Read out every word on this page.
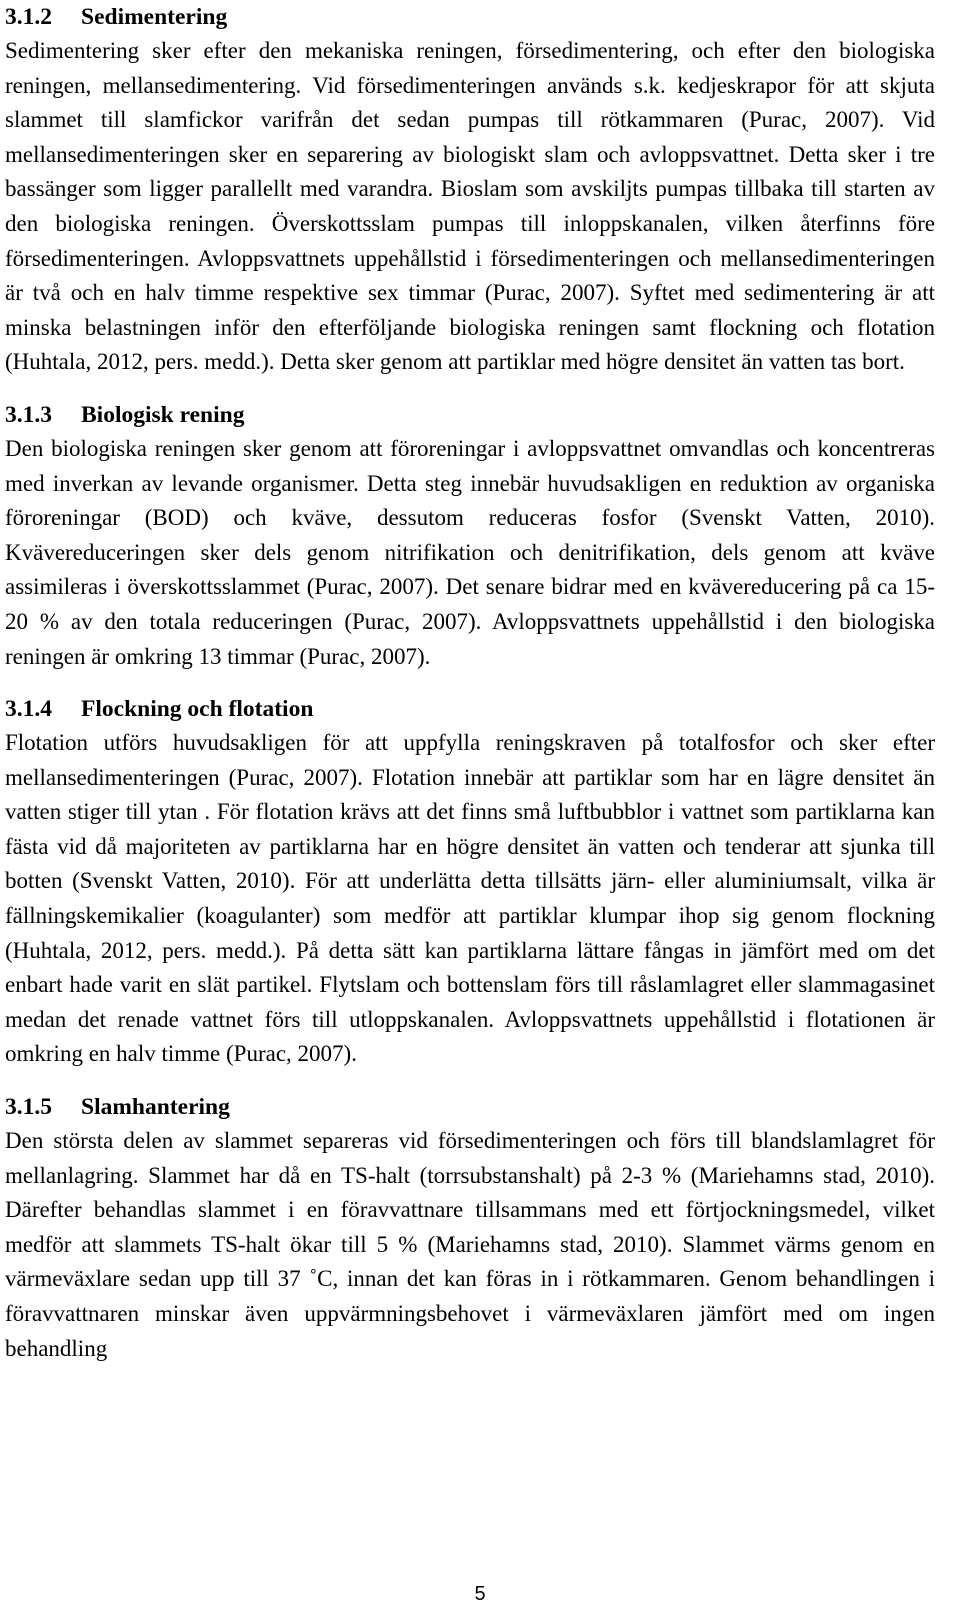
3.1.2 Sedimentering

Sedimentering sker efter den mekaniska reningen, försedimentering, och efter den biologiska reningen, mellansedimentering. Vid försedimenteringen används s.k. kedjeskrapor för att skjuta slammet till slamfickor varifrån det sedan pumpas till rötkammaren (Purac, 2007). Vid mellansedimenteringen sker en separering av biologiskt slam och avloppsvattnet. Detta sker i tre bassänger som ligger parallellt med varandra. Bioslam som avskiljts pumpas tillbaka till starten av den biologiska reningen. Överskottsslam pumpas till inloppskanalen, vilken återfinns före försedimenteringen. Avloppsvattnets uppehållstid i försedimenteringen och mellansedimenteringen är två och en halv timme respektive sex timmar (Purac, 2007). Syftet med sedimentering är att minska belastningen inför den efterföljande biologiska reningen samt flockning och flotation (Huhtala, 2012, pers. medd.). Detta sker genom att partiklar med högre densitet än vatten tas bort.

3.1.3 Biologisk rening

Den biologiska reningen sker genom att föroreningar i avloppsvattnet omvandlas och koncentreras med inverkan av levande organismer. Detta steg innebär huvudsakligen en reduktion av organiska föroreningar (BOD) och kväve, dessutom reduceras fosfor (Svenskt Vatten, 2010). Kvävereduceringen sker dels genom nitrifikation och denitrifikation, dels genom att kväve assimileras i överskottsslammet (Purac, 2007). Det senare bidrar med en kvävereducering på ca 15-20 % av den totala reduceringen (Purac, 2007). Avloppsvattnets uppehållstid i den biologiska reningen är omkring 13 timmar (Purac, 2007).

3.1.4 Flockning och flotation

Flotation utförs huvudsakligen för att uppfylla reningskraven på totalfosfor och sker efter mellansedimenteringen (Purac, 2007). Flotation innebär att partiklar som har en lägre densitet än vatten stiger till ytan . För flotation krävs att det finns små luftbubblor i vattnet som partiklarna kan fästa vid då majoriteten av partiklarna har en högre densitet än vatten och tenderar att sjunka till botten (Svenskt Vatten, 2010). För att underlätta detta tillsätts järn- eller aluminiumsalt, vilka är fällningskemikalier (koagulanter) som medför att partiklar klumpar ihop sig genom flockning (Huhtala, 2012, pers. medd.). På detta sätt kan partiklarna lättare fångas in jämfört med om det enbart hade varit en slät partikel. Flytslam och bottenslam förs till råslamlagret eller slammagasinet medan det renade vattnet förs till utloppskanalen. Avloppsvattnets uppehållstid i flotationen är omkring en halv timme (Purac, 2007).

3.1.5 Slamhantering

Den största delen av slammet separeras vid försedimenteringen och förs till blandslamlagret för mellanlagring. Slammet har då en TS-halt (torrsubstanshalt) på 2-3 % (Mariehamns stad, 2010). Därefter behandlas slammet i en föravvattnare tillsammans med ett förtjockningsmedel, vilket medför att slammets TS-halt ökar till 5 % (Mariehamns stad, 2010). Slammet värms genom en värmeväxlare sedan upp till 37 ˚C, innan det kan föras in i rötkammaren. Genom behandlingen i föravvattnaren minskar även uppvärmningsbehovet i värmeväxlaren jämfört med om ingen behandling

5
